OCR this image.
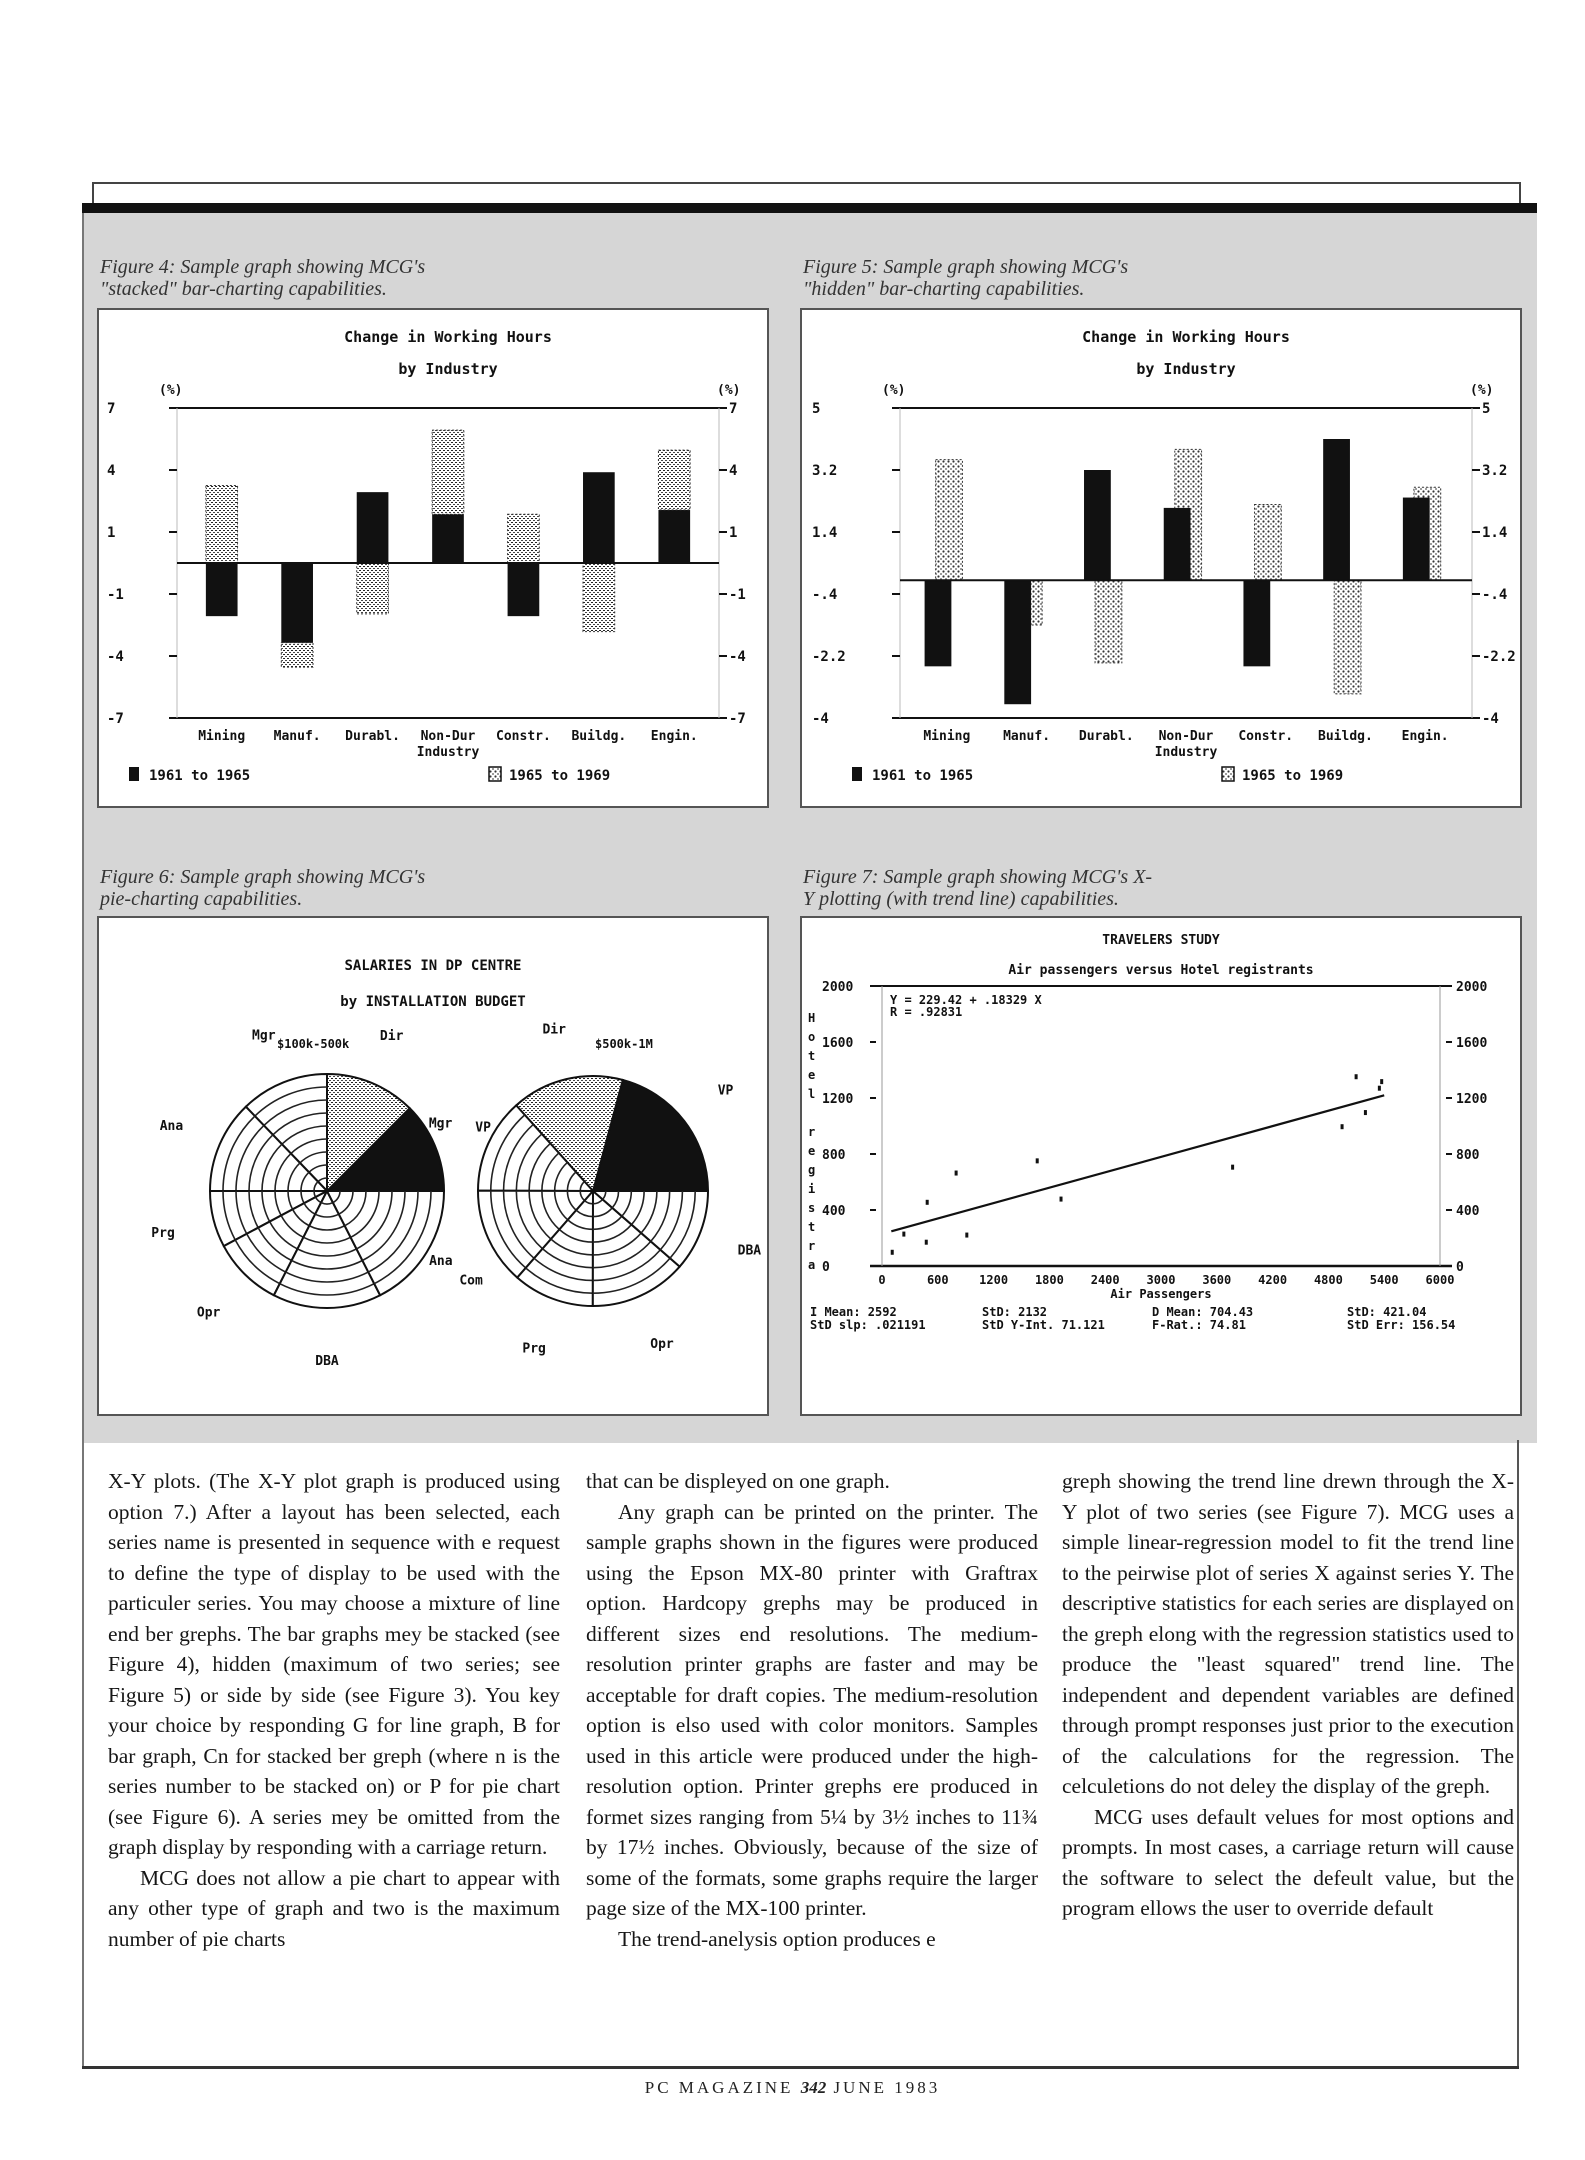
Figure 4: Sample graph showing MCG's
"stacked" bar-charting capabilities.
Change in Working Hours
by Industry
(%)	(%)
7	7
4	4
1	1
-1	-1
-4	-4
-7	-7
Mining Manuf. Durabl. Non-Dur Constr. Buildg. Engin.
Industry
1961 to 1965	1965 to 1969
Figure 5: Sample graph showing MCG's
"hidden" bar-charting capabilities.
Change in Working Hours
by Industry
(%)	(%)
5	5
3.2	3.2
1.4	1.4
-.4	-.4
-2.2	-2.2
-4	-4
Mining	Manuf. Durabl. Non-Dur Constr. Buildg. Engin.
Industry
1961 to 1965	1965 to 1969
Figure 6: Sample graph showing MCG's
pie-charting capabilities.
SALARIES IN DP CENTRE
by INSTALLATION BUDGET
$100k-500k
VP
Dir
Mgr
Ana
Prg
Opr
DBA
Com
$500k-1M
VP
Dir
Mgr
Ana
Prg	Opr
DBA
Figure 7: Sample graph showing MCG's X-
Y plotting (with trend line) capabilities.
TRAVELERS STUDY
Air passengers versus Hotel registrants
2000	2000
1600	1600
1200	1200
800	800
400	400
0	0
0	600	1200 1800 2400 3000 3600 4200 4800 5400 6000
Air Passengers
H
o
t
e
l
r
e
g
i
s
t
r
a
Y = 229.42 + .18329 X
R = .92831
I Mean: 2592	StD: 2132	D Mean: 704.43	StD: 421.04
StD slp: .021191	StD Y-Int. 71.121	F-Rat.: 74.81	StD Err: 156.54

X-Y plots. (The X-Y plot graph is produced using option 7.) After a layout has been selected, each series name is presented in sequence with e request to define the type of display to be used with the particuler series. You may choose a mixture of line end ber grephs. The bar graphs mey be stacked (see Figure 4), hidden (maximum of two series; see Figure 5) or side by side (see Figure 3). You key your choice by responding G for line graph, B for bar graph, Cn for stacked ber greph (where n is the series number to be stacked on) or P for pie chart (see Figure 6). A series mey be omitted from the graph display by responding with a carriage return.

MCG does not allow a pie chart to appear with any other type of graph and two is the maximum number of pie charts

that can be displeyed on one graph.

Any graph can be printed on the printer. The sample graphs shown in the figures were produced using the Epson MX-80 printer with Graftrax option. Hardcopy grephs may be produced in different sizes end resolutions. The medium-resolution printer graphs are faster and may be acceptable for draft copies. The medium-resolution option is elso used with color monitors. Samples used in this article were produced under the high-resolution option. Printer grephs ere produced in formet sizes ranging from 5¼ by 3½ inches to 11¾ by 17½ inches. Obviously, because of the size of some of the formats, some graphs require the larger page size of the MX-100 printer.

The trend-anelysis option produces e

greph showing the trend line drewn through the X-Y plot of two series (see Figure 7). MCG uses a simple linear-regression model to fit the trend line to the peirwise plot of series X against series Y. The descriptive statistics for each series are displayed on the greph elong with the regression statistics used to produce the "least squared" trend line. The independent and dependent variables are defined through prompt responses just prior to the execution of the calculations for the regression. The celculetions do not deley the display of the greph.

MCG uses default velues for most options and prompts. In most cases, a carriage return will cause the software to select the defeult value, but the program ellows the user to override default

PC MAGAZINE 342 JUNE 1983
